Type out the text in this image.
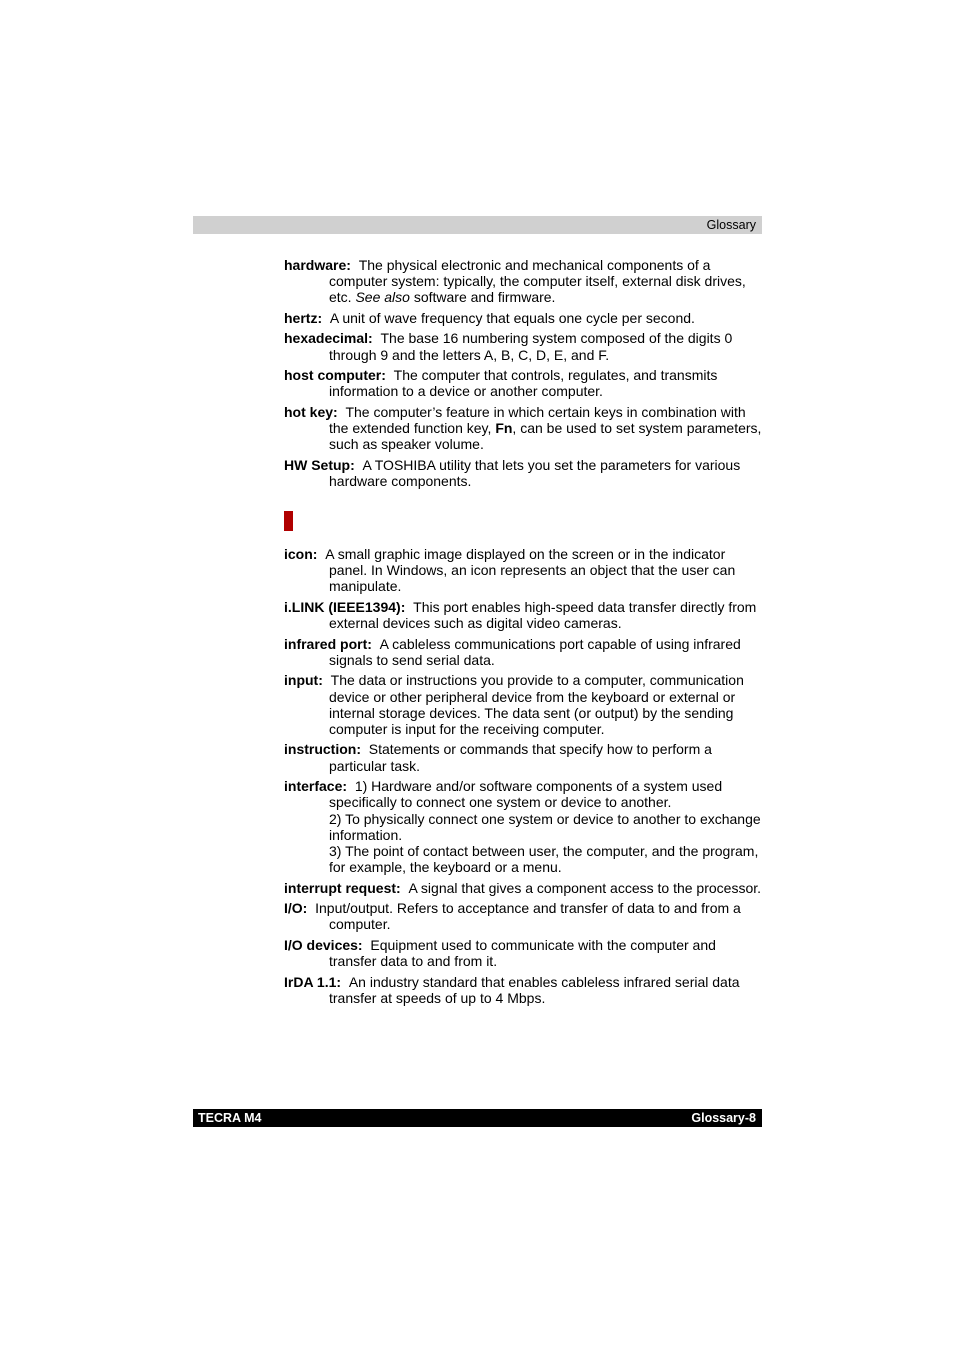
Glossary
hardware: The physical electronic and mechanical components of a computer system: typically, the computer itself, external disk drives, etc. See also software and firmware.
hertz: A unit of wave frequency that equals one cycle per second.
hexadecimal: The base 16 numbering system composed of the digits 0 through 9 and the letters A, B, C, D, E, and F.
host computer: The computer that controls, regulates, and transmits information to a device or another computer.
hot key: The computer’s feature in which certain keys in combination with the extended function key, Fn, can be used to set system parameters, such as speaker volume.
HW Setup: A TOSHIBA utility that lets you set the parameters for various hardware components.
icon: A small graphic image displayed on the screen or in the indicator panel. In Windows, an icon represents an object that the user can manipulate.
i.LINK (IEEE1394): This port enables high-speed data transfer directly from external devices such as digital video cameras.
infrared port: A cableless communications port capable of using infrared signals to send serial data.
input: The data or instructions you provide to a computer, communication device or other peripheral device from the keyboard or external or internal storage devices. The data sent (or output) by the sending computer is input for the receiving computer.
instruction: Statements or commands that specify how to perform a particular task.
interface: 1) Hardware and/or software components of a system used specifically to connect one system or device to another.
2) To physically connect one system or device to another to exchange information.
3) The point of contact between user, the computer, and the program, for example, the keyboard or a menu.
interrupt request: A signal that gives a component access to the processor.
I/O: Input/output. Refers to acceptance and transfer of data to and from a computer.
I/O devices: Equipment used to communicate with the computer and transfer data to and from it.
IrDA 1.1: An industry standard that enables cableless infrared serial data transfer at speeds of up to 4 Mbps.
TECRA M4	Glossary-8
